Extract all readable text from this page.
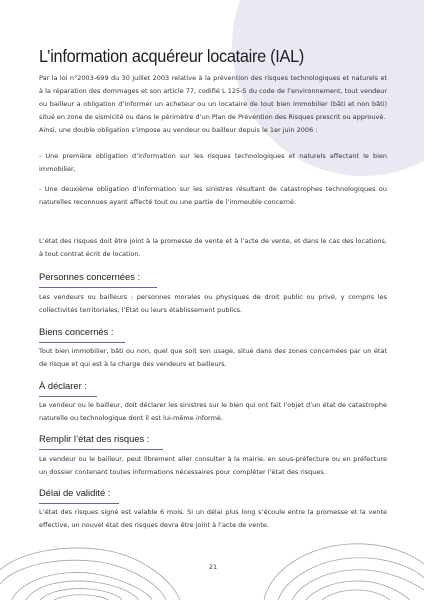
L’information acquéreur locataire (IAL)

Par la loi n°2003-699 du 30 juillet 2003 relative à la prévention des risques technologiques et naturels et à la réparation des dommages et son article 77, codifié L 125-5 du code de l’environnement, tout vendeur ou bailleur a obligation d’informer un acheteur ou un locataire de tout bien immobilier (bâti et non bâti) situé en zone de sismicité ou dans le périmètre d’un Plan de Prévention des Risques prescrit ou approuvé.

Ainsi, une double obligation s’impose au vendeur ou bailleur depuis le 1er juin 2006 :

- Une première obligation d’information sur les risques technologiques et naturels affectant le bien immobilier,

- Une deuxième obligation d’information sur les sinistres résultant de catastrophes technologiques ou naturelles reconnues ayant affecté tout ou une partie de l’immeuble concerné.

L’état des risques doit être joint à la promesse de vente et à l’acte de vente, et dans le cas des locations, à tout contrat écrit de location.

Personnes concernées :

Les vendeurs ou bailleurs : personnes morales ou physiques de droit public ou privé, y compris les collectivités territoriales, l’Etat ou leurs établissement publics.

Biens concernés :

Tout bien immobilier, bâti ou non, quel que soit son usage, situé dans des zones concernées par un état de risque et qui est à la charge des vendeurs et bailleurs.

À déclarer :

Le vendeur ou le bailleur, doit déclarer les sinistres sur le bien qui ont fait l’objet d’un état de catastrophe naturelle ou technologique dont il est lui-même informé.

Remplir l’état des risques :

Le vendeur ou le bailleur, peut librement aller consulter à la mairie, en sous-préfecture ou en préfecture un dossier contenant toutes informations nécessaires pour compléter l’état des risques.

Délai de validité :

L’état des risques signé est valable 6 mois. Si un délai plus long s’écoule entre la promesse et la vente effective, un nouvel état des risques devra être joint à l’acte de vente.

21
